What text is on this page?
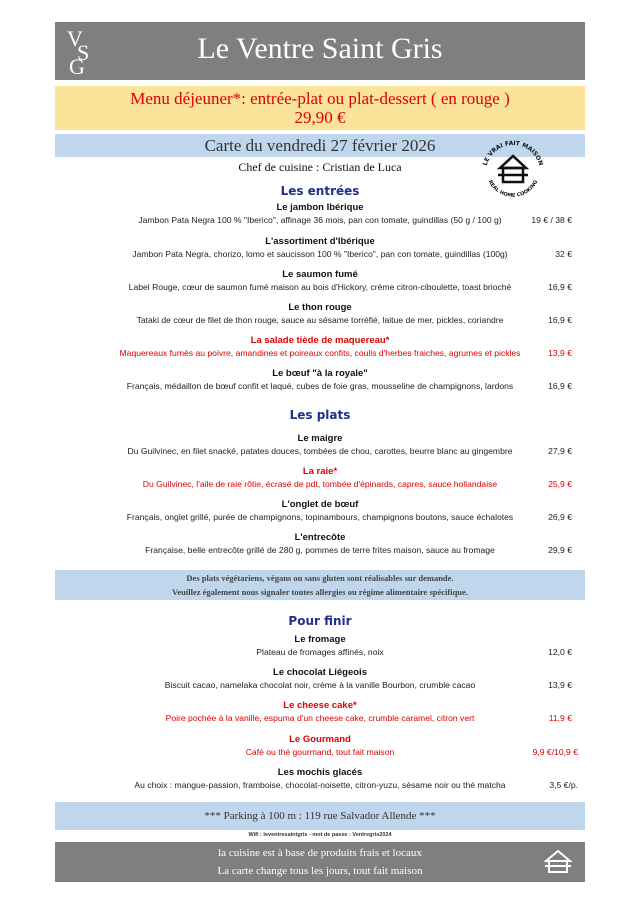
V
S
G
Le Ventre Saint Gris
Menu déjeuner*: entrée-plat ou plat-dessert ( en rouge )
29,90 €
Carte du vendredi 27 février 2026
Chef de cuisine : Cristian de Luca	LE VRAI FAIT MAISON
REAL HOME COOKING
Les entrées
Le jambon Ibérique
Jambon Pata Negra 100 % "Iberico", affinage 36 mois, pan con tomate, guindillas (50 g / 100 g)	19 € / 38 €
L'assortiment d'Ibérique
Jambon Pata Negra, chorizo, lomo et saucisson 100 % "Iberico", pan con tomate, guindillas (100g)	32 €
Le saumon fumé
Label Rouge, cœur de saumon fumé maison au bois d'Hickory, crème citron-ciboulette, toast brioché	16,9 €
Le thon rouge
Tataki de cœur de filet de thon rouge, sauce au sésame torréfié, laitue de mer, pickles, coriandre	16,9 €
La salade tiède de maquereau*
Maquereaux fumés au poivre, amandines et poireaux confits, coulis d'herbes fraiches, agrumes et pickles	13,9 €
Le bœuf "à la royale"
Français, médaillon de bœuf confit et laqué, cubes de foie gras, mousseline de champignons, lardons	16,9 €
Les plats
Le maigre
Du Guilvinec, en filet snacké, patates douces, tombées de chou, carottes, beurre blanc au gingembre	27,9 €
La raie*
Du Guilvinec, l'aile de raie rôtie, écrasé de pdt, tombée d'épinards, capres, sauce hollandaise	25,9 €
L'onglet de bœuf
Français, onglet grillé, purée de champignons, topinambours, champignons boutons, sauce échalotes	26,9 €
L'entrecôte
Française, belle entrecôte grillé de 280 g, pommes de terre frites maison, sauce au fromage	29,9 €
Des plats végétariens, végans ou sans gluten sont réalisables sur demande.
Veuillez également nous signaler toutes allergies ou régime alimentaire spécifique.
Pour finir
Le fromage
Plateau de fromages affinés, noix	12,0 €
Le chocolat Liégeois
Biscuit cacao, namelaka chocolat noir, crème à la vanille Bourbon, crumble cacao	13,9 €
Le cheese cake*
Poire pochée à la vanille, espuma d'un cheese cake, crumble caramel, citron vert	11,9 €
Le Gourmand
Café ou thé gourmand, tout fait maison	9,9 €/10,9 €
Les mochis glacés
Au choix : mangue-passion, framboise, chocolat-noisette, citron-yuzu, sésame noir ou thé matcha	3,5 €/p.
*** Parking à 100 m : 119 rue Salvador Allende ***
Wifi : leventresaintgris - mot de passe : Ventregris2024
la cuisine est à base de produits frais et locaux
La carte change tous les jours, tout fait maison
